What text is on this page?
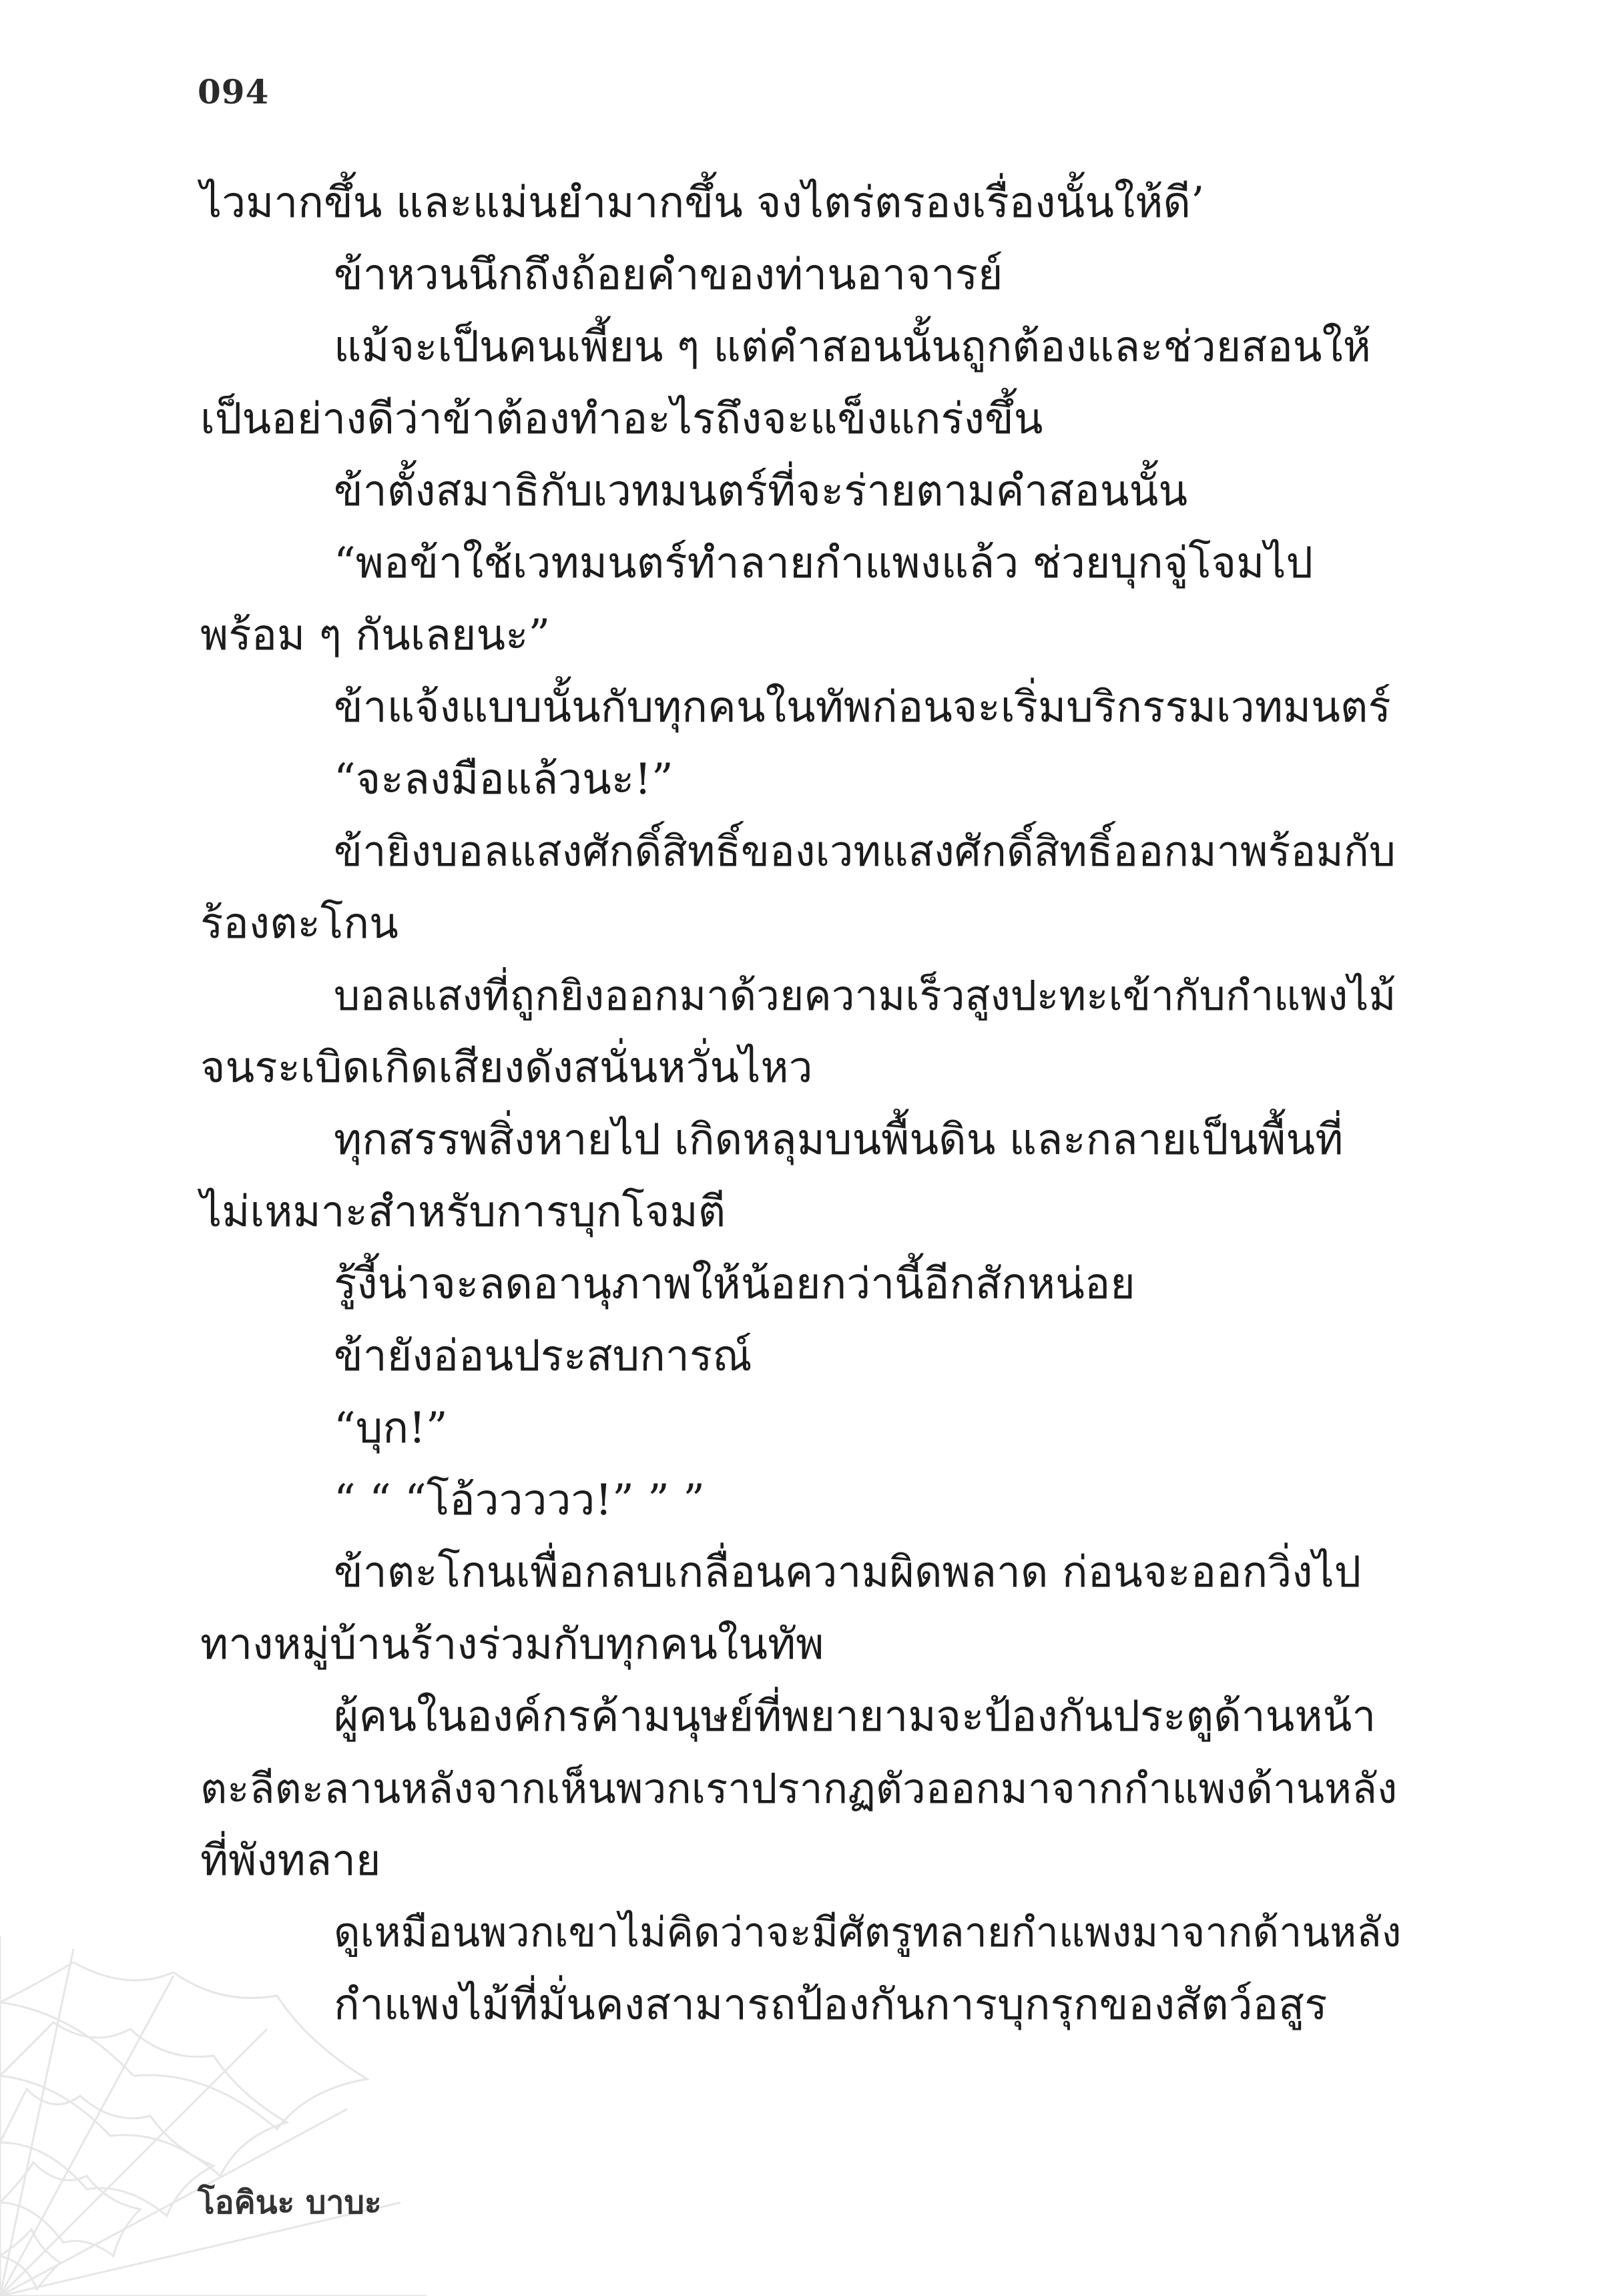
094
ไวมากขึ้น และแม่นยำมากขึ้น จงไตร่ตรองเรื่องนั้นให้ดี’
ข้าหวนนึกถึงถ้อยคำของท่านอาจารย์
แม้จะเป็นคนเพี้ยน ๆ แต่คำสอนนั้นถูกต้องและช่วยสอนให้
เป็นอย่างดีว่าข้าต้องทำอะไรถึงจะแข็งแกร่งขึ้น
ข้าตั้งสมาธิกับเวทมนตร์ที่จะร่ายตามคำสอนนั้น
“พอข้าใช้เวทมนตร์ทำลายกำแพงแล้ว ช่วยบุกจู่โจมไป
พร้อม ๆ กันเลยนะ”
ข้าแจ้งแบบนั้นกับทุกคนในทัพก่อนจะเริ่มบริกรรมเวทมนตร์
“จะลงมือแล้วนะ!”
ข้ายิงบอลแสงศักดิ์สิทธิ์ของเวทแสงศักดิ์สิทธิ์ออกมาพร้อมกับ
ร้องตะโกน
บอลแสงที่ถูกยิงออกมาด้วยความเร็วสูงปะทะเข้ากับกำแพงไม้
จนระเบิดเกิดเสียงดังสนั่นหวั่นไหว
ทุกสรรพสิ่งหายไป เกิดหลุมบนพื้นดิน และกลายเป็นพื้นที่
ไม่เหมาะสำหรับการบุกโจมตี
รู้งี้น่าจะลดอานุภาพให้น้อยกว่านี้อีกสักหน่อย
ข้ายังอ่อนประสบการณ์
“บุก!”
“ “ “โอ้ววววว!” ” ”
ข้าตะโกนเพื่อกลบเกลื่อนความผิดพลาด ก่อนจะออกวิ่งไป
ทางหมู่บ้านร้างร่วมกับทุกคนในทัพ
ผู้คนในองค์กรค้ามนุษย์ที่พยายามจะป้องกันประตูด้านหน้า
ตะลีตะลานหลังจากเห็นพวกเราปรากฏตัวออกมาจากกำแพงด้านหลัง
ที่พังทลาย
ดูเหมือนพวกเขาไม่คิดว่าจะมีศัตรูทลายกำแพงมาจากด้านหลัง
กำแพงไม้ที่มั่นคงสามารถป้องกันการบุกรุกของสัตว์อสูร
โอคินะ บาบะ
